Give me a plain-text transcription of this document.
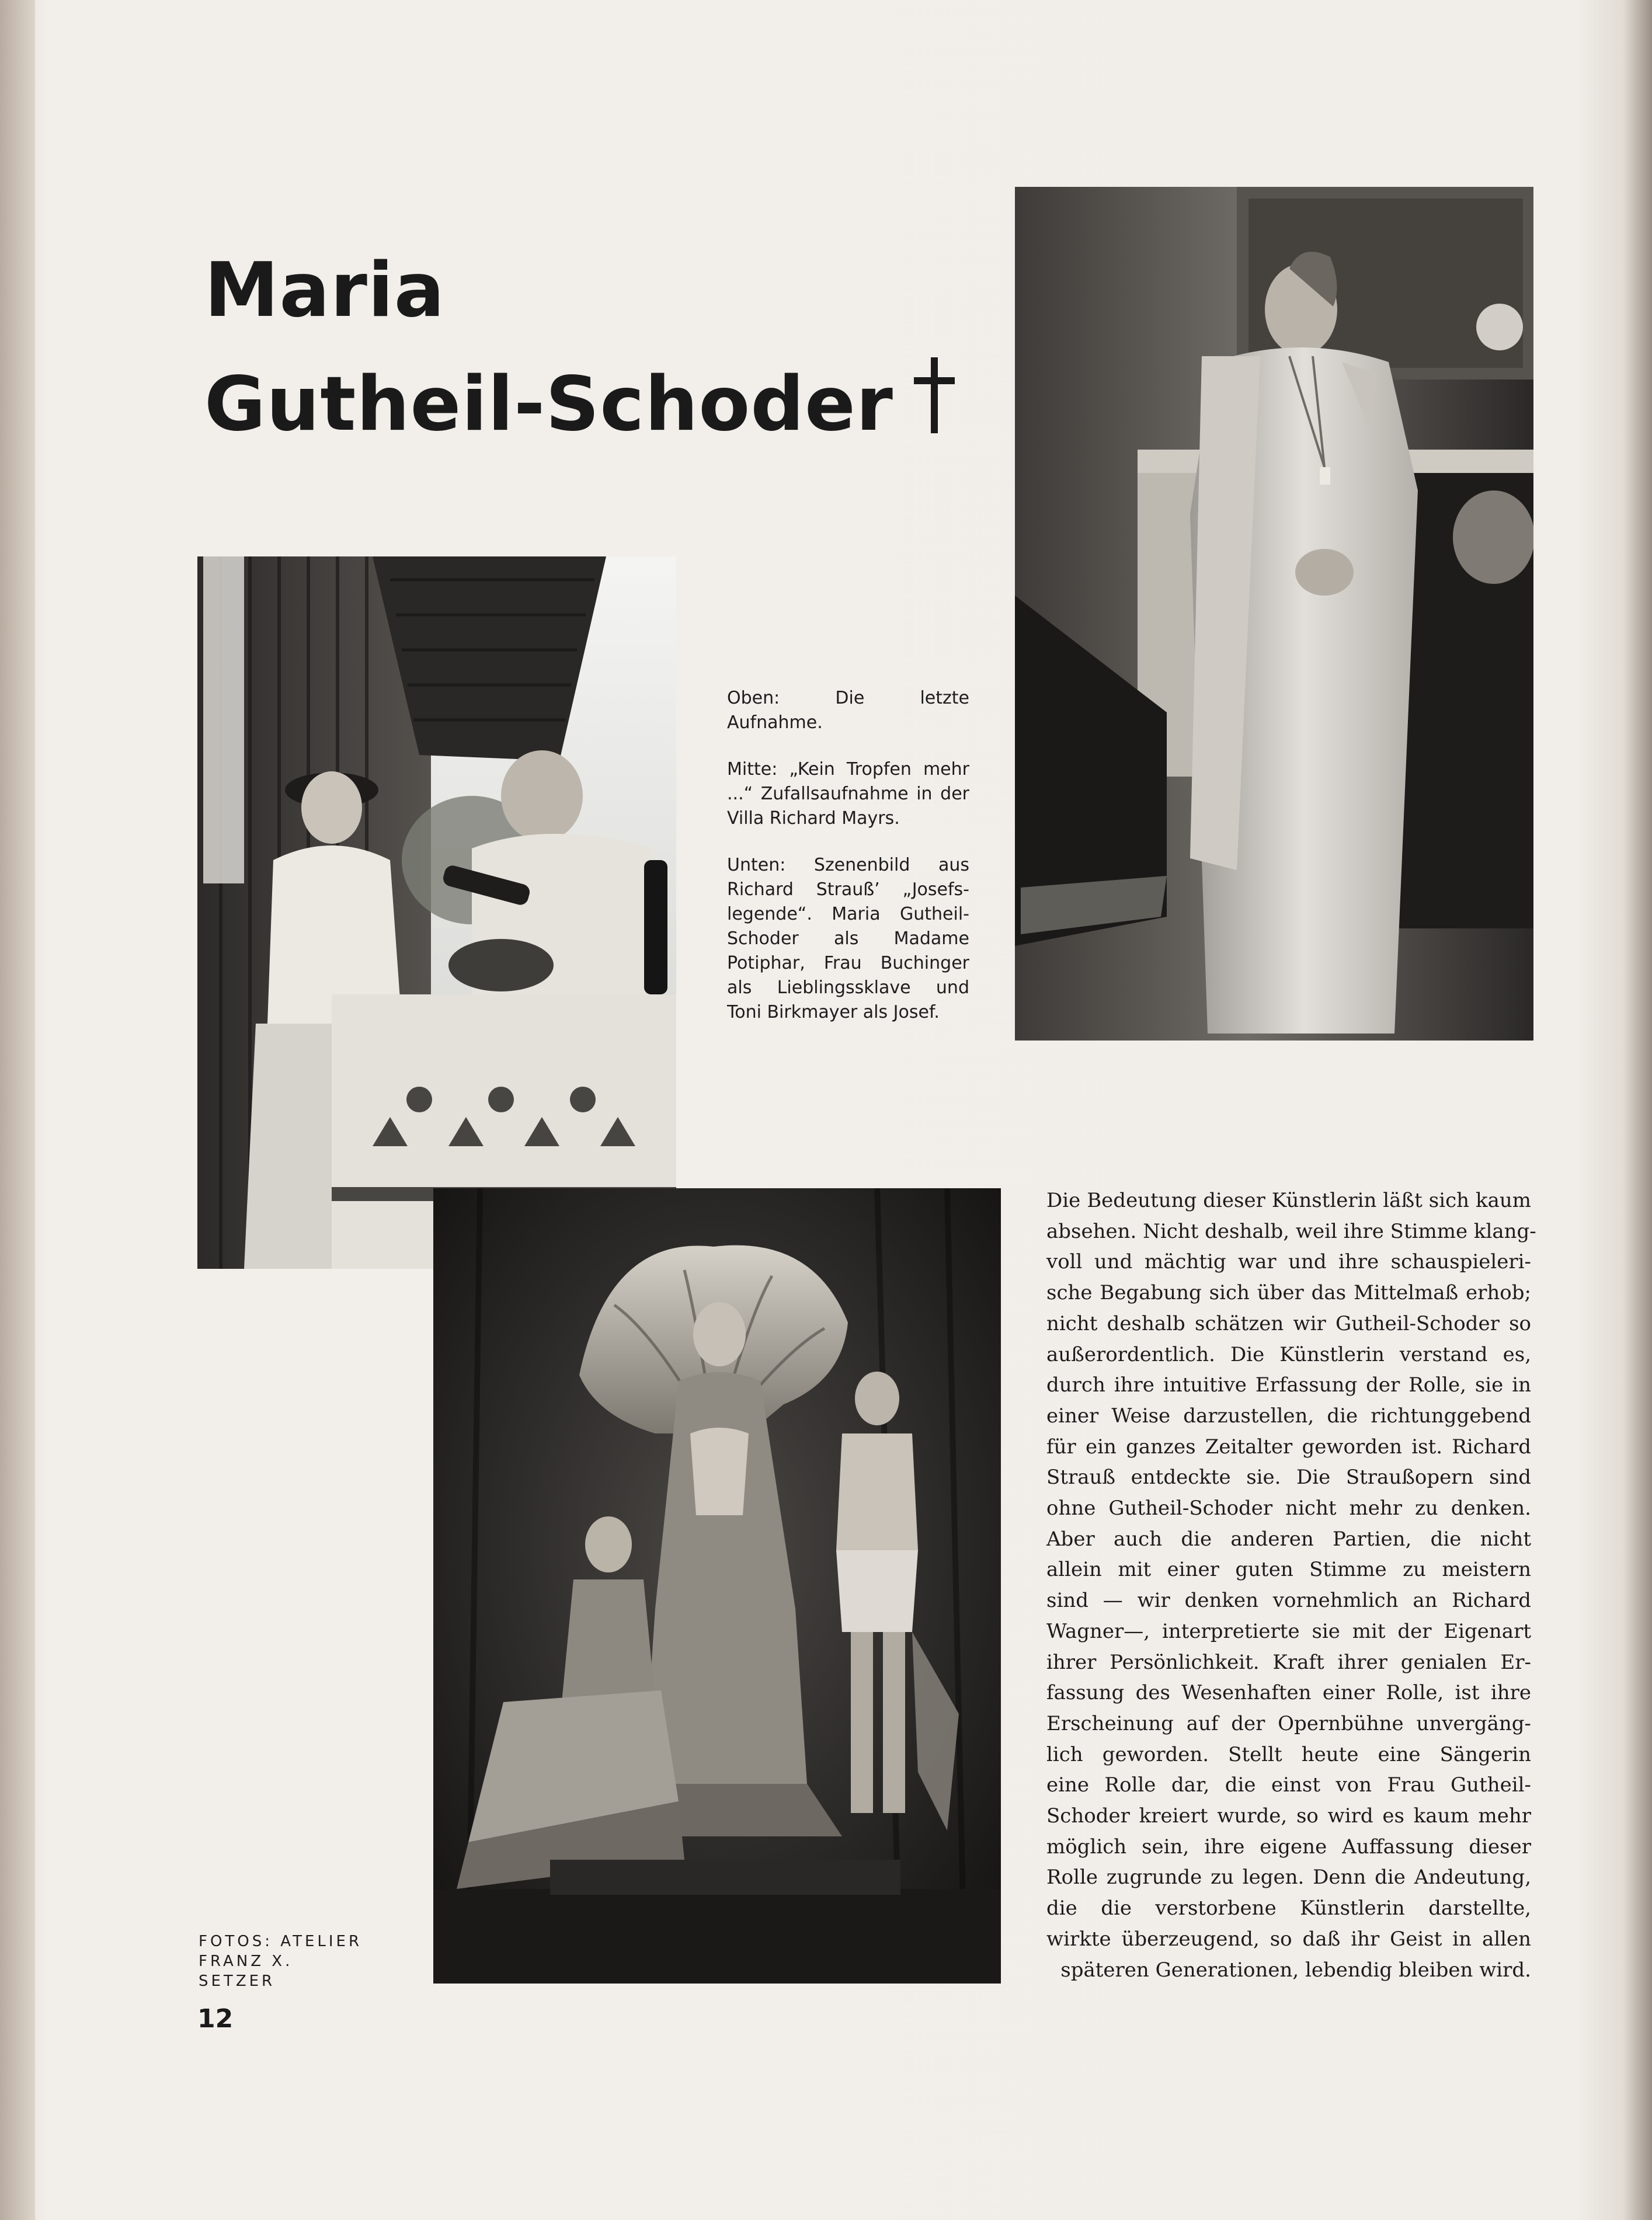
Maria
Gutheil-Schoder

Oben: Die letzte Aufnahme.

Mitte: „Kein Tropfen mehr ...“ Zufallsaufnahme in der Villa Richard Mayrs.

Unten: Szenenbild aus Richard Strauß’ „Josefs-legende“. Maria Gutheil-Schoder als Madame Potiphar, Frau Buchinger als Lieblingssklave und Toni Birkmayer als Josef.

Die Bedeutung dieser Künstlerin läßt sich kaum
absehen. Nicht deshalb, weil ihre Stimme klang-
voll und mächtig war und ihre schauspieleri-
sche Begabung sich über das Mittelmaß erhob;
nicht deshalb schätzen wir Gutheil-Schoder so
außerordentlich. Die Künstlerin verstand es,
durch ihre intuitive Erfassung der Rolle, sie in
einer Weise darzustellen, die richtunggebend
für ein ganzes Zeitalter geworden ist. Richard
Strauß entdeckte sie. Die Straußopern sind
ohne Gutheil-Schoder nicht mehr zu denken.
Aber auch die anderen Partien, die nicht
allein mit einer guten Stimme zu meistern
sind — wir denken vornehmlich an Richard
Wagner—, interpretierte sie mit der Eigenart
ihrer Persönlichkeit. Kraft ihrer genialen Er-
fassung des Wesenhaften einer Rolle, ist ihre
Erscheinung auf der Opernbühne unvergäng-
lich geworden. Stellt heute eine Sängerin
eine Rolle dar, die einst von Frau Gutheil-
Schoder kreiert wurde, so wird es kaum mehr
möglich sein, ihre eigene Auffassung dieser
Rolle zugrunde zu legen. Denn die Andeutung,
die die verstorbene Künstlerin darstellte,
wirkte überzeugend, so daß ihr Geist in allen
späteren Generationen, lebendig bleiben wird.
FOTOS: ATELIER
FRANZ X. SETZER
12
